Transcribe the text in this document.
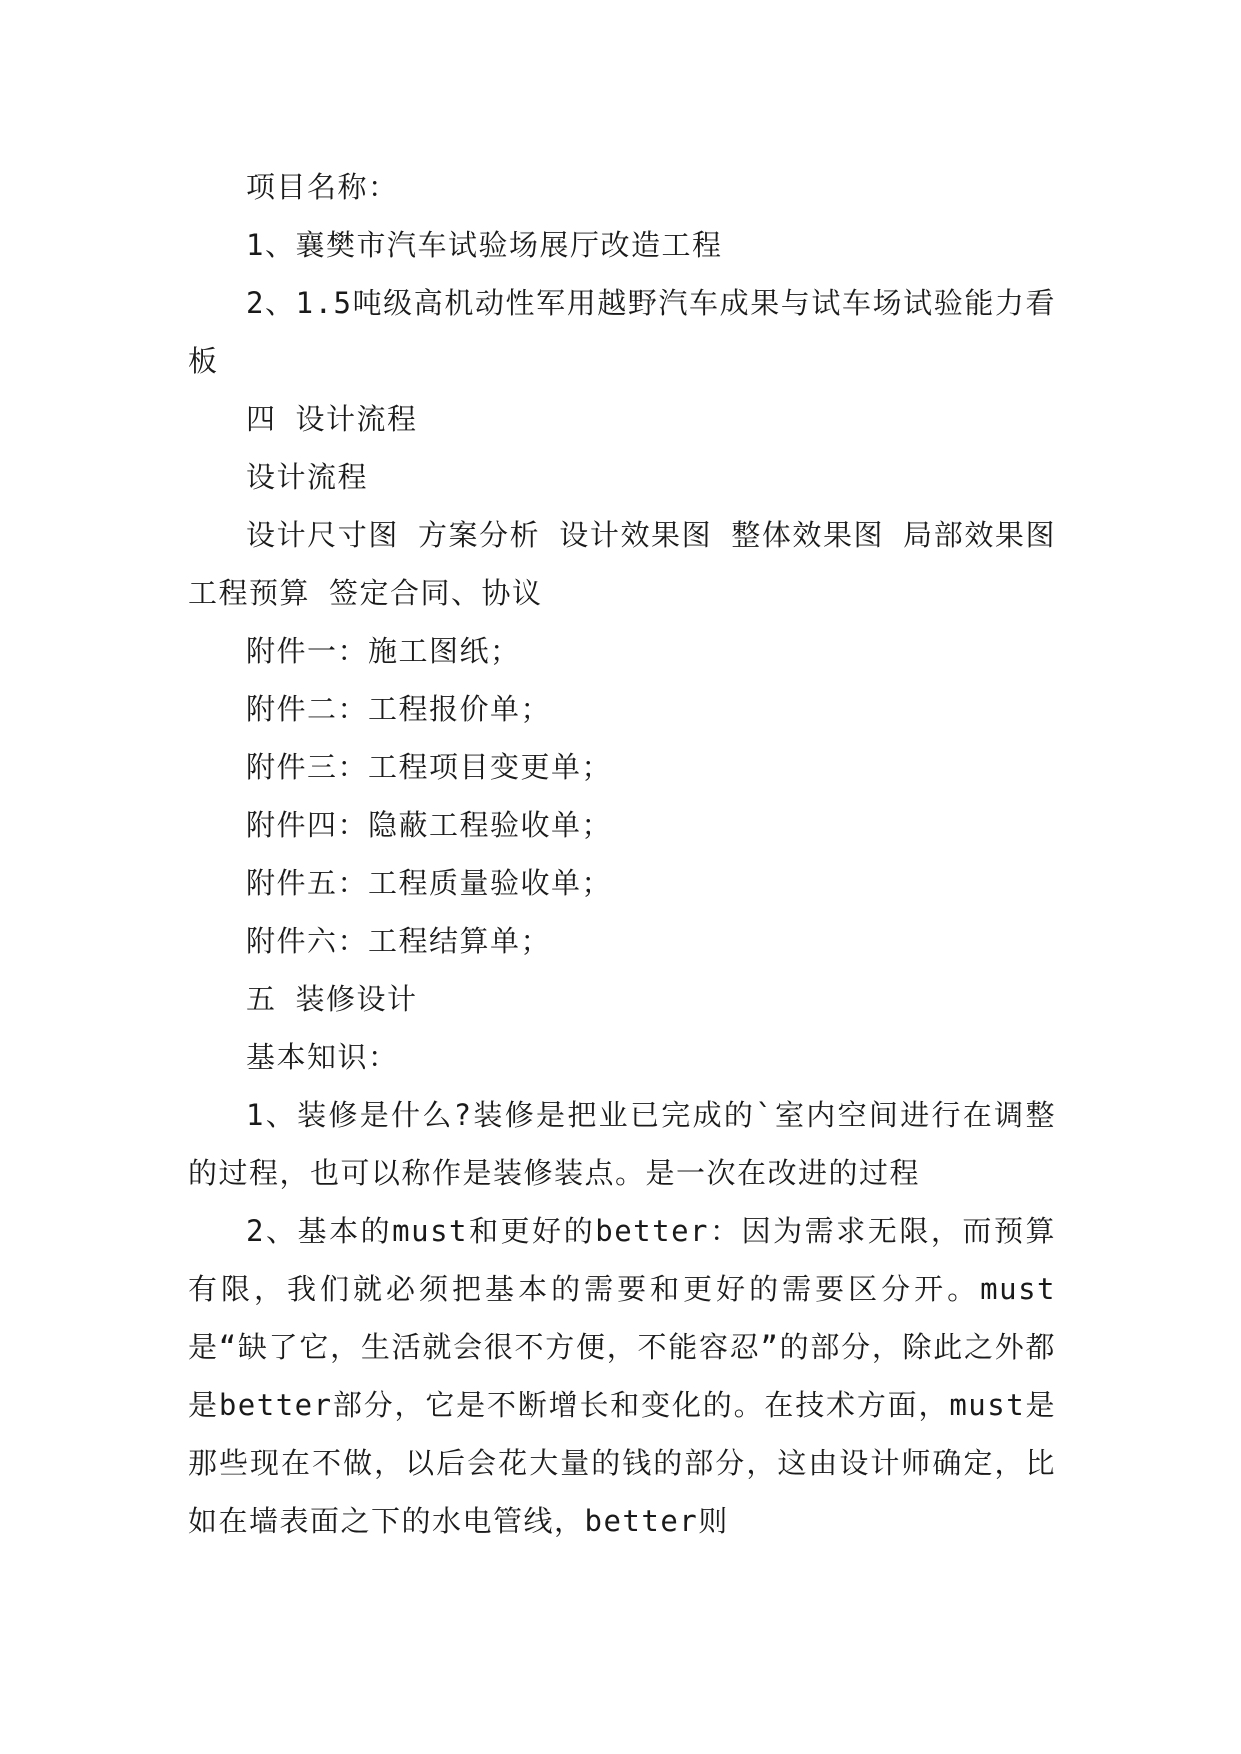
项目名称：

1、襄樊市汽车试验场展厅改造工程

2、1.5吨级高机动性军用越野汽车成果与试车场试验能力看板

四 设计流程

设计流程

设计尺寸图 方案分析 设计效果图 整体效果图 局部效果图 工程预算 签定合同、协议

附件一：施工图纸；

附件二：工程报价单；

附件三：工程项目变更单；

附件四：隐蔽工程验收单；

附件五：工程质量验收单；

附件六：工程结算单；

五 装修设计

基本知识：

1、装修是什么?装修是把业已完成的`室内空间进行在调整的过程，也可以称作是装修装点。是一次在改进的过程

2、基本的must和更好的better：因为需求无限，而预算有限，我们就必须把基本的需要和更好的需要区分开。must是“缺了它，生活就会很不方便，不能容忍”的部分，除此之外都是better部分，它是不断增长和变化的。在技术方面，must是那些现在不做，以后会花大量的钱的部分，这由设计师确定，比如在墙表面之下的水电管线，better则
